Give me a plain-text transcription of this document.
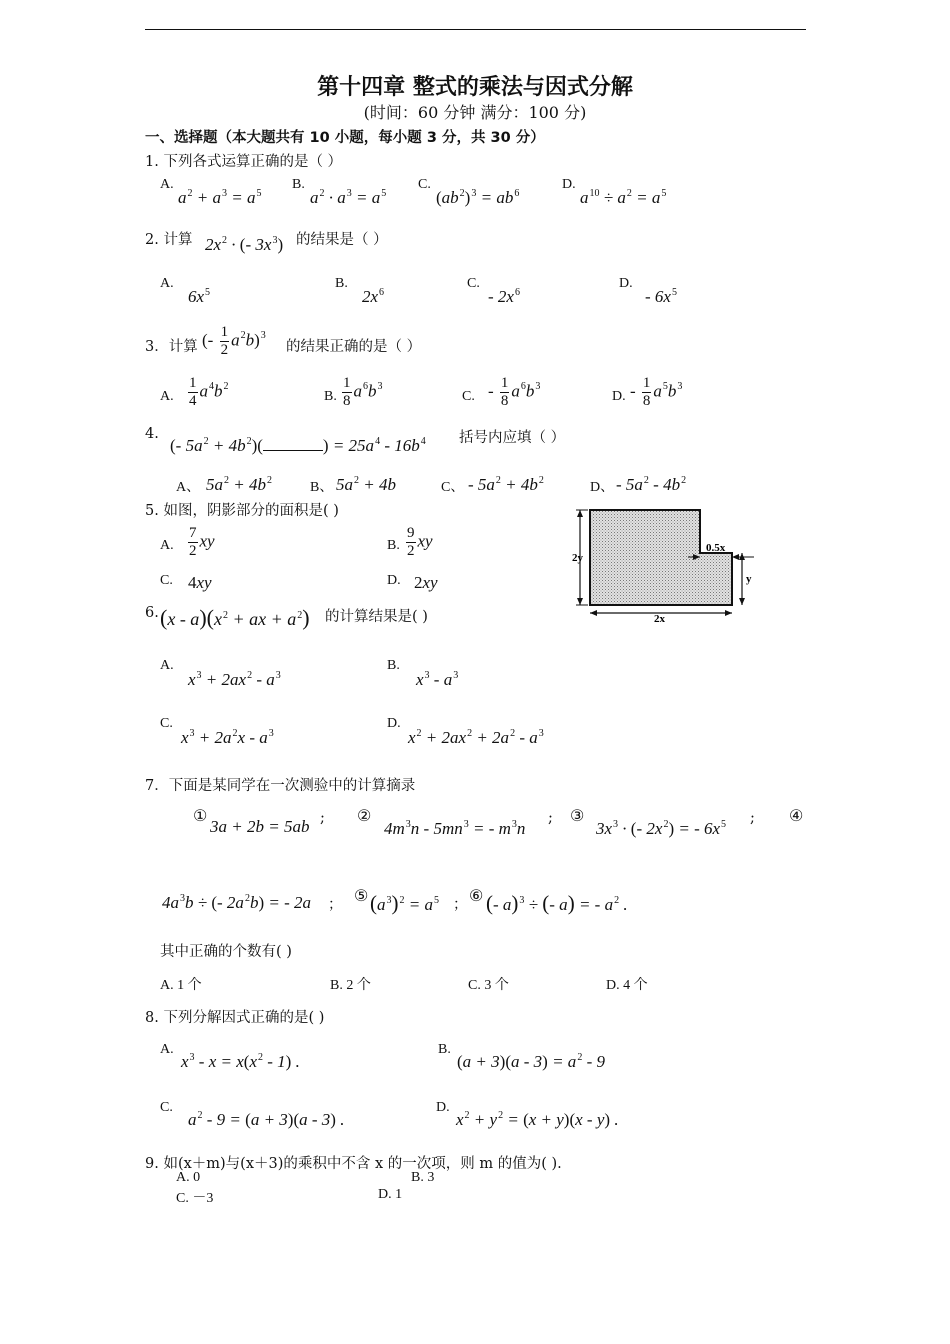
第十四章 整式的乘法与因式分解
(时间：60 分钟 满分：100 分)
一、选择题（本大题共有 10 小题，每小题 3 分，共 30 分）
1. 下列各式运算正确的是（ ）
A.
$a^2 + a^3 = a^5$
B.
$a^2 \cdot a^3 = a^5$
C.
$(ab^2)^3 = ab^6$
D.
$a^{10} \div a^2 = a^5$
2. 计算 $2x^2$ · (- $3x^3$) 的结果是（ ）
A.
$6x^5$
B.
$2x^6$
C.
- $2x^6$
D.
- $6x^5$
3．计算 (- $\frac{1}{2} a^2b)^3$
的结果正确的是（ ）
A. $\frac{1}{4} a^4b^2$
B. $\frac{1}{8} a^6b^3$
C. - $\frac{1}{8} a^6b^3$
D. - $\frac{1}{8} a^5b^3$
4.
(- $5a^2 + 4b^2$)(	) = $25a^4 - 16b^4$ 括号内应填（ ）
A、 $5a^2 + 4b^2$	B、 $5a^2 + 4b$	C、 - $5a^2 + 4b^2$	D、 - $5a^2 - 4b^2$
5. 如图，阴影部分的面积是( )
A. $\frac{7}{2}$ xy	B. $\frac{9}{2}$ xy
C. 4xy	D. 2xy
2y
0.5x
y
2x
6. $(x - a)(x^2$ + ax + $a^2$) 的计算结果是( )
A.
$x^3 + 2ax^2 - a^3$
B.
$x^3 - a^3$
C.
$x^3 + 2a^2x - a^3$
D.
$x^2 + 2ax^2 + 2a^2 - a^3$
7．下面是某同学在一次测验中的计算摘录
①
3a + 2b = 5ab ; ②
$4m^3n - 5mn^3$ = - $m^3n$
; ③
$3x^3$ · (- $2x^2$) = - $6x^5$ ; ④
$4a^3b$ ÷ (- $2a^2b$) = - 2a ； ⑤ $(a^3)^2 = a^5$ ； ⑥ (- a)$^3$ ÷ (- a) = - $a^2$ .
其中正确的个数有( )
A. 1 个	B. 2 个	C. 3 个	D. 4 个
8. 下列分解因式正确的是( )
A.
$x^3 - x = x(x^2 - 1)$ .
B.
$(a + 3)(a - 3) = a^2 - 9$
C.
$a^2 - 9 = (a + 3)(a - 3)$ .
D.
$x^2 + y^2 = (x + y)(x - y)$ .
9. 如(x＋m)与(x＋3)的乘积中不含 x 的一次项，则 m 的值为( ).
A. 0	B. 3
C. －3	D. 1
